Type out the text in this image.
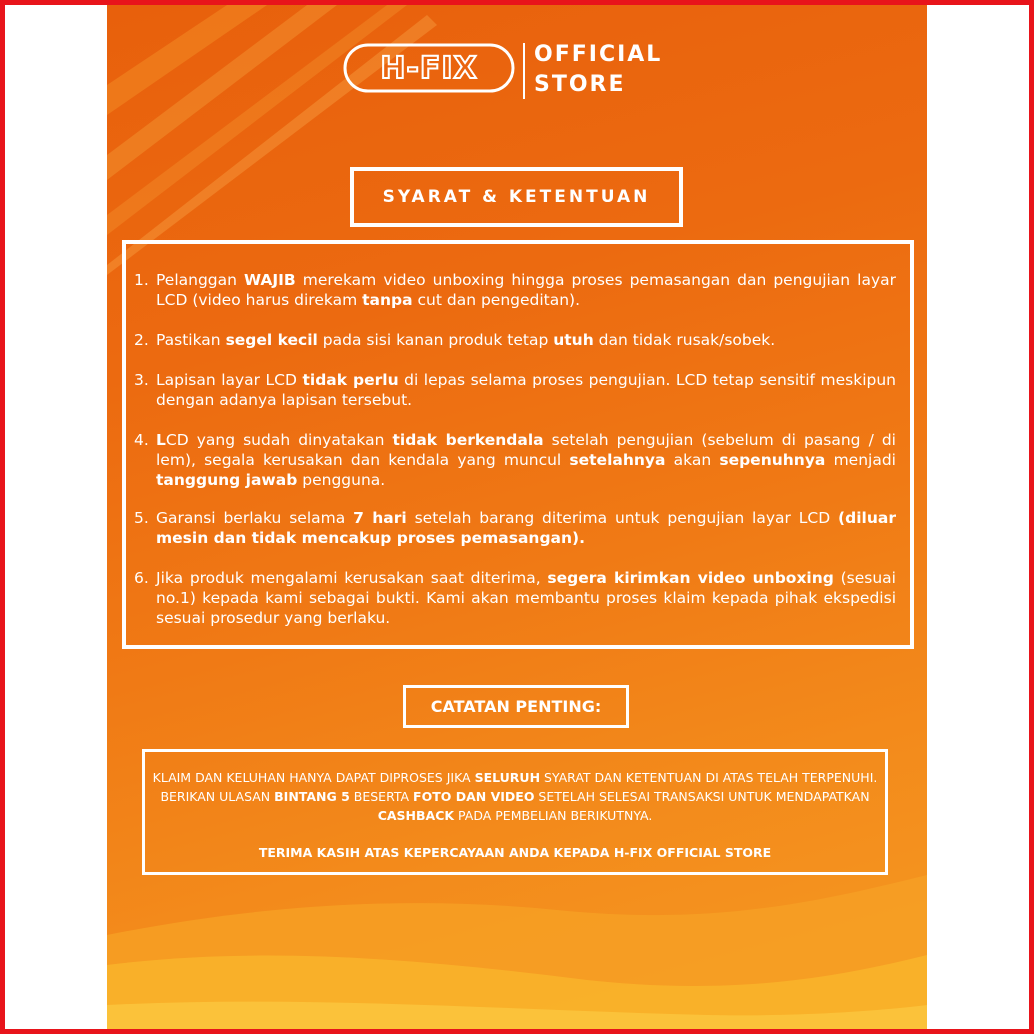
H-FIX	OFFICIAL
STORE
SYARAT & KETENTUAN
1. Pelanggan WAJIB merekam video unboxing hingga proses pemasangan dan pengujian layar LCD (video harus direkam tanpa cut dan pengeditan).
2. Pastikan segel kecil pada sisi kanan produk tetap utuh dan tidak rusak/sobek.
3. Lapisan layar LCD tidak perlu di lepas selama proses pengujian. LCD tetap sensitif meskipun dengan adanya lapisan tersebut.
4. LCD yang sudah dinyatakan tidak berkendala setelah pengujian (sebelum di pasang / di lem), segala kerusakan dan kendala yang muncul setelahnya akan sepenuhnya menjadi tanggung jawab pengguna.
5. Garansi berlaku selama 7 hari setelah barang diterima untuk pengujian layar LCD (diluar mesin dan tidak mencakup proses pemasangan).
6. Jika produk mengalami kerusakan saat diterima, segera kirimkan video unboxing (sesuai no.1) kepada kami sebagai bukti. Kami akan membantu proses klaim kepada pihak ekspedisi sesuai prosedur yang berlaku.
CATATAN PENTING:

KLAIM DAN KELUHAN HANYA DAPAT DIPROSES JIKA SELURUH SYARAT DAN KETENTUAN DI ATAS TELAH TERPENUHI. BERIKAN ULASAN BINTANG 5 BESERTA FOTO DAN VIDEO SETELAH SELESAI TRANSAKSI UNTUK MENDAPATKAN CASHBACK PADA PEMBELIAN BERIKUTNYA.

TERIMA KASIH ATAS KEPERCAYAAN ANDA KEPADA H-FIX OFFICIAL STORE
